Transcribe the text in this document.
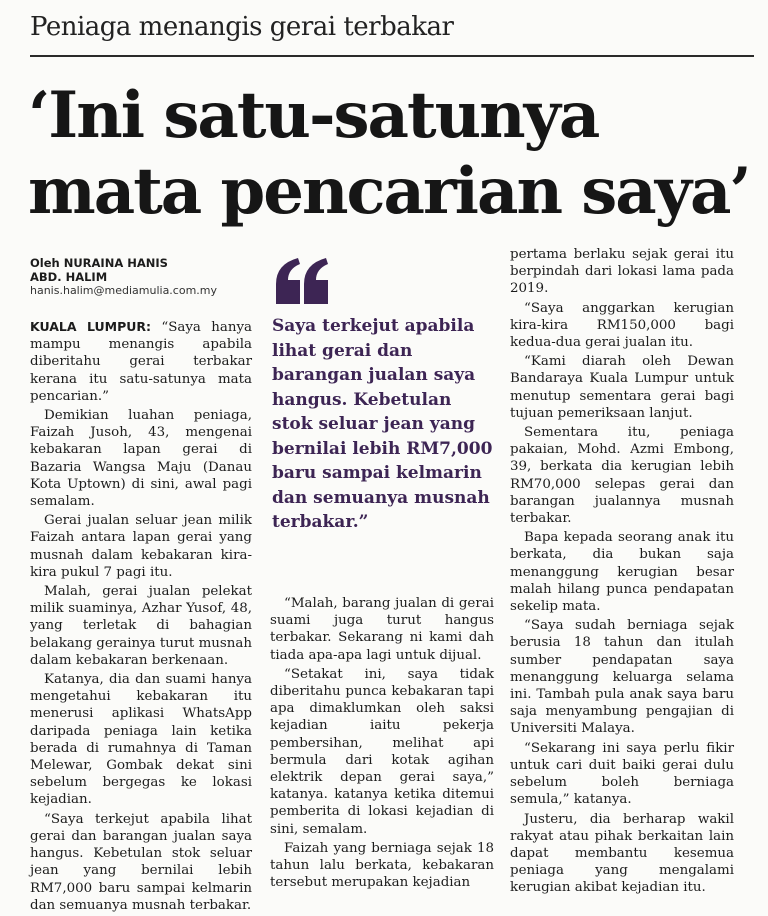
Peniaga menangis gerai terbakar
‘Ini satu-satunya
mata pencarian saya’
Oleh NURAINA HANIS
ABD. HALIM
hanis.halim@mediamulia.com.my

KUALA LUMPUR: “Saya hanya mampu menangis apabila diberitahu gerai terbakar kerana itu satu-satunya mata pencarian.”

Demikian luahan peniaga, Faizah Jusoh, 43, mengenai kebakaran lapan gerai di Bazaria Wangsa Maju (Danau Kota Uptown) di sini, awal pagi semalam.

Gerai jualan seluar jean milik Faizah antara lapan gerai yang musnah dalam kebakaran kira-kira pukul 7 pagi itu.

Malah, gerai jualan pelekat milik suaminya, Azhar Yusof, 48, yang terletak di bahagian belakang gerainya turut musnah dalam kebakaran berkenaan.

Katanya, dia dan suami hanya mengetahui kebakaran itu menerusi aplikasi WhatsApp daripada peniaga lain ketika berada di rumahnya di Taman Melewar, Gombak dekat sini sebelum bergegas ke lokasi kejadian.

“Saya terkejut apabila lihat gerai dan barangan jualan saya hangus. Kebetulan stok seluar jean yang bernilai lebih RM7,000 baru sampai kelmarin dan semuanya musnah terbakar.

Saya terkejut apabila lihat gerai dan barangan jualan saya hangus. Kebetulan stok seluar jean yang bernilai lebih RM7,000 baru sampai kelmarin dan semuanya musnah terbakar.”

“Malah, barang jualan di gerai suami juga turut hangus terbakar. Sekarang ni kami dah tiada apa-apa lagi untuk dijual.

“Setakat ini, saya tidak diberitahu punca kebakaran tapi apa dimaklumkan oleh saksi kejadian iaitu pekerja pembersihan, melihat api bermula dari kotak agihan elektrik depan gerai saya,” katanya. katanya ketika ditemui pemberita di lokasi kejadian di sini, semalam.

Faizah yang berniaga sejak 18 tahun lalu berkata, kebakaran tersebut merupakan kejadian

pertama berlaku sejak gerai itu berpindah dari lokasi lama pada 2019.

“Saya anggarkan kerugian kira-kira RM150,000 bagi kedua-dua gerai jualan itu.

“Kami diarah oleh Dewan Bandaraya Kuala Lumpur untuk menutup sementara gerai bagi tujuan pemeriksaan lanjut.

Sementara itu, peniaga pakaian, Mohd. Azmi Embong, 39, berkata dia kerugian lebih RM70,000 selepas gerai dan barangan jualannya musnah terbakar.

Bapa kepada seorang anak itu berkata, dia bukan saja menanggung kerugian besar malah hilang punca pendapatan sekelip mata.

“Saya sudah berniaga sejak berusia 18 tahun dan itulah sumber pendapatan saya menanggung keluarga selama ini. Tambah pula anak saya baru saja menyambung pengajian di Universiti Malaya.

“Sekarang ini saya perlu fikir untuk cari duit baiki gerai dulu sebelum boleh berniaga semula,” katanya.

Justeru, dia berharap wakil rakyat atau pihak berkaitan lain dapat membantu kesemua peniaga yang mengalami kerugian akibat kejadian itu.
